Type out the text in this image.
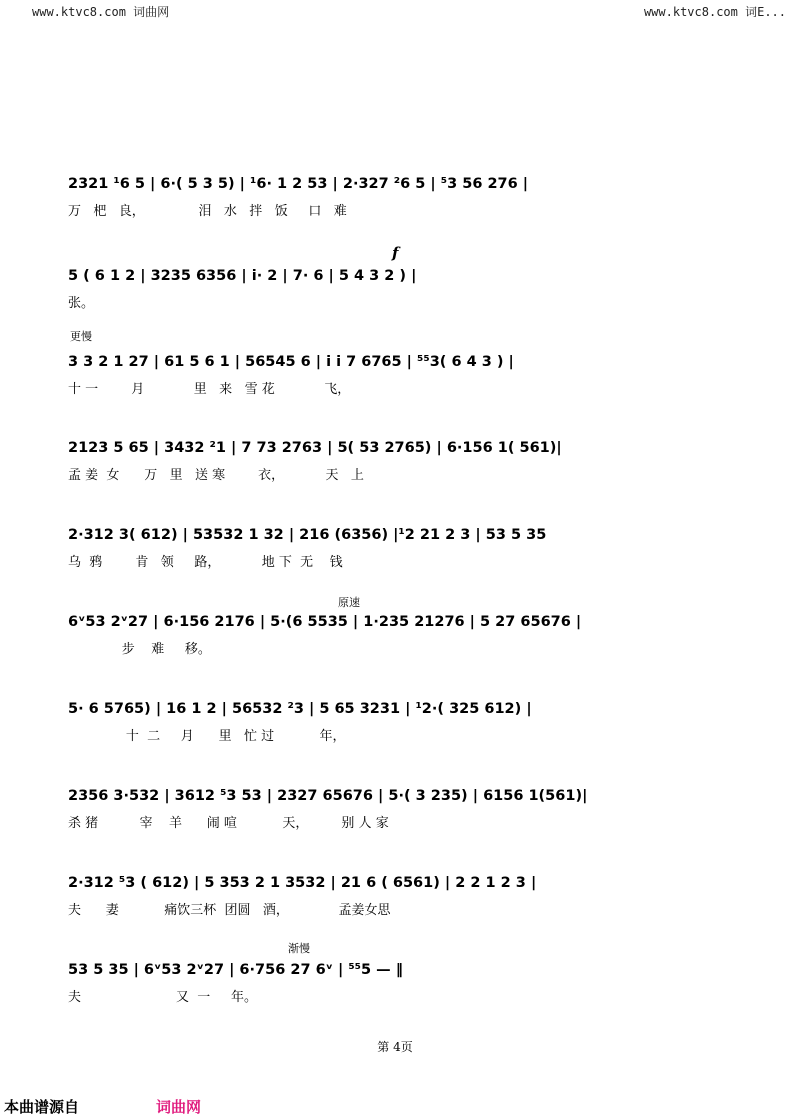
www.ktvc8.com 词曲网	www.ktvc8.com 词E...
2321 ¹6 5 | 6·( 5 3 5) | ¹6· 1 2 53 | 2·327 ²6 5 | ⁵3 56 276 |
万   杷   良，             泪   水   拌   饭     口   难
f
5 ( 6 1 2 | 3235 6356 | i· 2 | 7· 6 | 5 4 3 2 ) |
张。
更慢
3 3 2 1 27 | 61 5 6 1 | 56545 6 | i i 7 6765 | ⁵⁵3( 6 4 3 ) |
十 一        月            里   来   雪 花            飞，
2123 5 65 | 3432 ²1 | 7 73 2763 | 5( 53 2765) | 6·156 1( 561)|
孟 姜  女      万   里   送 寒        衣，          天   上
2·312 3( 612) | 53532 1 32 | 216 (6356) |¹2 21 2 3 | 53 5 35
乌  鸦        肯   领     路，          地 下  无    钱
原速
6ᵛ53 2ᵛ27 | 6·156 2176 | 5·(6 5535 | 1·235 21276 | 5 27 65676 |
步    难     移。
5· 6 5765) | 16 1 2 | 56532 ²3 | 5 65 3231 | ¹2·( 325 612) |
十  二     月      里   忙 过           年，
2356 3·532 | 3612 ⁵3 53 | 2327 65676 | 5·( 3 235) | 6156 1(561)|
杀 猪          宰    羊      闹 喧           天，        别 人 家
2·312 ⁵3 ( 612) | 5 353 2 1 3532 | 21 6 ( 6561) | 2 2 1 2 3 |
夫      妻           痛饮三杯  团圆   酒，            孟姜女思
渐慢
53 5 35 | 6ᵛ53 2ᵛ27 | 6·756 27 6ᵛ | ⁵⁵5 — ‖
夫                       又  一     年。
第 4页
本曲谱源自	词曲网
